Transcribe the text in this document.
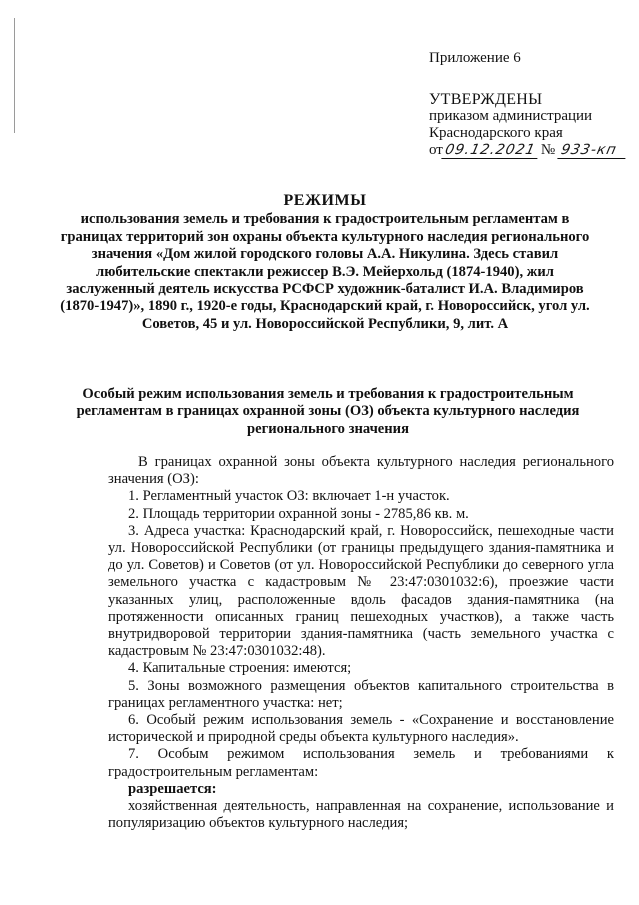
Приложение 6
УТВЕРЖДЕНЫ
приказом администрации
Краснодарского края
от 09.12.2021 № 933-кп
РЕЖИМЫ
использования земель и требования к градостроительным регламентам в границах территорий зон охраны объекта культурного наследия регионального значения «Дом жилой городского головы А.А. Никулина. Здесь ставил любительские спектакли режиссер В.Э. Мейерхольд (1874-1940), жил заслуженный деятель искусства РСФСР художник-баталист И.А. Владимиров (1870-1947)», 1890 г., 1920-е годы, Краснодарский край, г. Новороссийск, угол ул. Советов, 45 и ул. Новороссийской Республики, 9, лит. А
Особый режим использования земель и требования к градостроительным регламентам в границах охранной зоны (ОЗ) объекта культурного наследия регионального значения

В границах охранной зоны объекта культурного наследия регионального значения (ОЗ):

1. Регламентный участок ОЗ: включает 1-н участок.

2. Площадь территории охранной зоны - 2785,86 кв. м.

3. Адреса участка: Краснодарский край, г. Новороссийск, пешеходные части ул. Новороссийской Республики (от границы предыдущего здания-памятника и до ул. Советов) и Советов (от ул. Новороссийской Республики до северного угла земельного участка с кадастровым № 23:47:0301032:6), проезжие части указанных улиц, расположенные вдоль фасадов здания-памятника (на протяженности описанных границ пешеходных участков), а также часть внутридворовой территории здания-памятника (часть земельного участка с кадастровым № 23:47:0301032:48).

4. Капитальные строения: имеются;

5. Зоны возможного размещения объектов капитального строительства в границах регламентного участка: нет;

6. Особый режим использования земель - «Сохранение и восстановление исторической и природной среды объекта культурного наследия».

7. Особым режимом использования земель и требованиями к градостроительным регламентам:

разрешается:

хозяйственная деятельность, направленная на сохранение, использование и популяризацию объектов культурного наследия;
